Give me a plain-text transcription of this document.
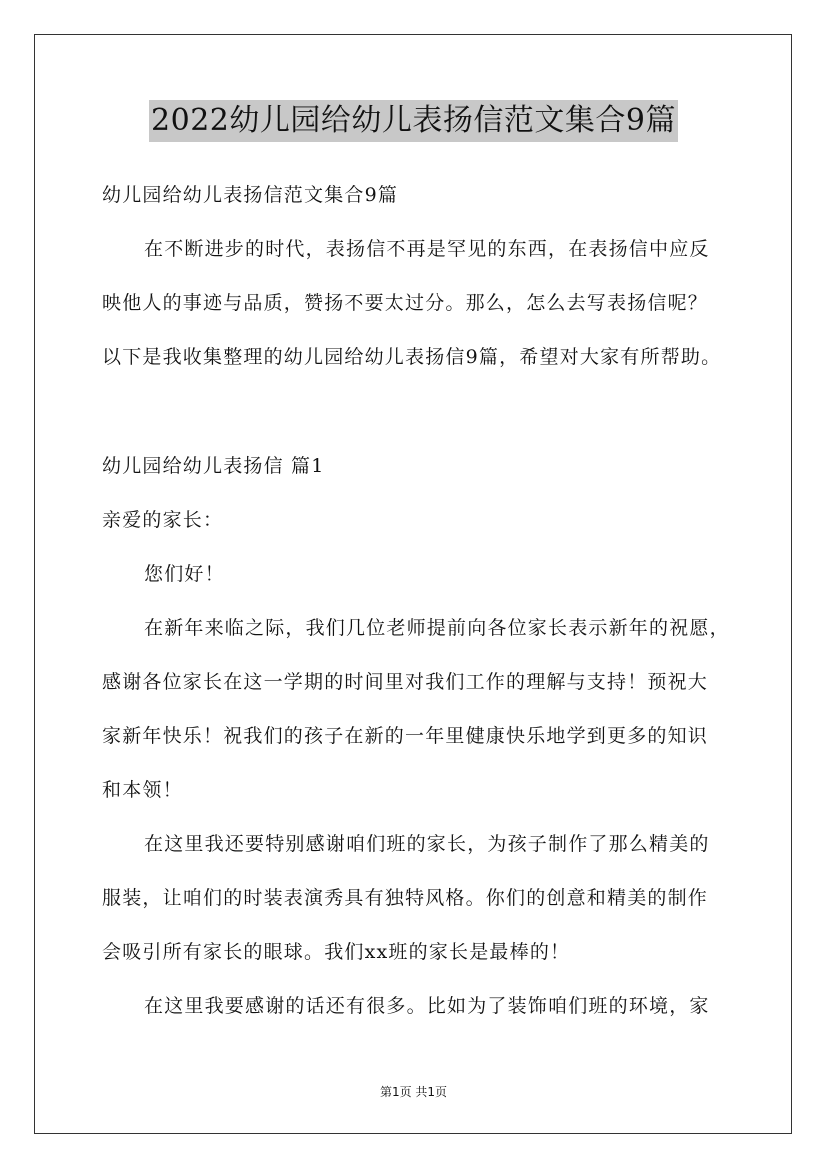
2022幼儿园给幼儿表扬信范文集合9篇
幼儿园给幼儿表扬信范文集合9篇
在不断进步的时代，表扬信不再是罕见的东西，在表扬信中应反
映他人的事迹与品质，赞扬不要太过分。那么，怎么去写表扬信呢？
以下是我收集整理的幼儿园给幼儿表扬信9篇，希望对大家有所帮助。
幼儿园给幼儿表扬信 篇1
亲爱的家长：
您们好！
在新年来临之际，我们几位老师提前向各位家长表示新年的祝愿，
感谢各位家长在这一学期的时间里对我们工作的理解与支持！预祝大
家新年快乐！祝我们的孩子在新的一年里健康快乐地学到更多的知识
和本领！
在这里我还要特别感谢咱们班的家长，为孩子制作了那么精美的
服装，让咱们的时装表演秀具有独特风格。你们的创意和精美的制作
会吸引所有家长的眼球。我们xx班的家长是最棒的！
在这里我要感谢的话还有很多。比如为了装饰咱们班的环境，家
第1页 共1页
